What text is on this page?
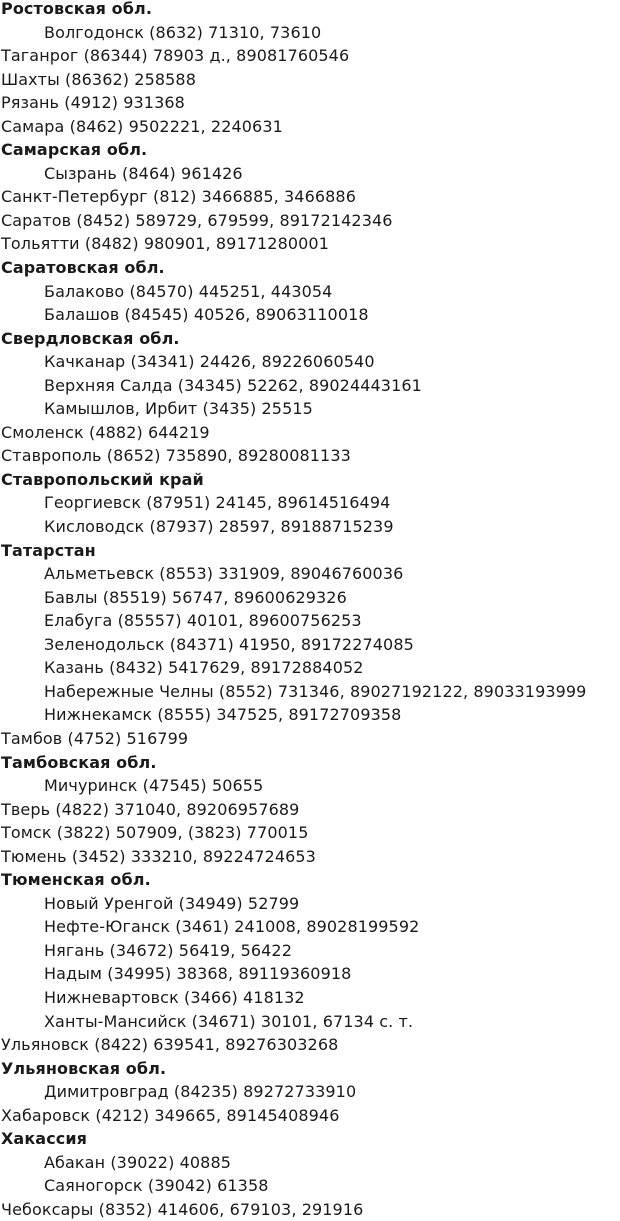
Ростовская обл.
Волгодонск (8632) 71310, 73610
Таганрог (86344) 78903 д., 89081760546
Шахты (86362) 258588
Рязань (4912) 931368
Самара (8462) 9502221, 2240631
Самарская обл.
Сызрань (8464) 961426
Санкт-Петербург (812) 3466885, 3466886
Саратов (8452) 589729, 679599, 89172142346
Тольятти (8482) 980901, 89171280001
Саратовская обл.
Балаково (84570) 445251, 443054
Балашов (84545) 40526, 89063110018
Свердловская обл.
Качканар (34341) 24426, 89226060540
Верхняя Салда (34345) 52262, 89024443161
Камышлов, Ирбит (3435) 25515
Смоленск (4882) 644219
Ставрополь (8652) 735890, 89280081133
Ставропольский край
Георгиевск (87951) 24145, 89614516494
Кисловодск (87937) 28597, 89188715239
Татарстан
Альметьевск (8553) 331909, 89046760036
Бавлы (85519) 56747, 89600629326
Елабуга (85557) 40101, 89600756253
Зеленодольск (84371) 41950, 89172274085
Казань (8432) 5417629, 89172884052
Набережные Челны (8552) 731346, 89027192122, 89033193999
Нижнекамск (8555) 347525, 89172709358
Тамбов (4752) 516799
Тамбовская обл.
Мичуринск (47545) 50655
Тверь (4822) 371040, 89206957689
Томск (3822) 507909, (3823) 770015
Тюмень (3452) 333210, 89224724653
Тюменская обл.
Новый Уренгой (34949) 52799
Нефте-Юганск (3461) 241008, 89028199592
Нягань (34672) 56419, 56422
Надым (34995) 38368, 89119360918
Нижневартовск (3466) 418132
Ханты-Мансийск (34671) 30101, 67134 с. т.
Ульяновск (8422) 639541, 89276303268
Ульяновская обл.
Димитровград (84235) 89272733910
Хабаровск (4212) 349665, 89145408946
Хакассия
Абакан (39022) 40885
Саяногорск (39042) 61358
Чебоксары (8352) 414606, 679103, 291916
